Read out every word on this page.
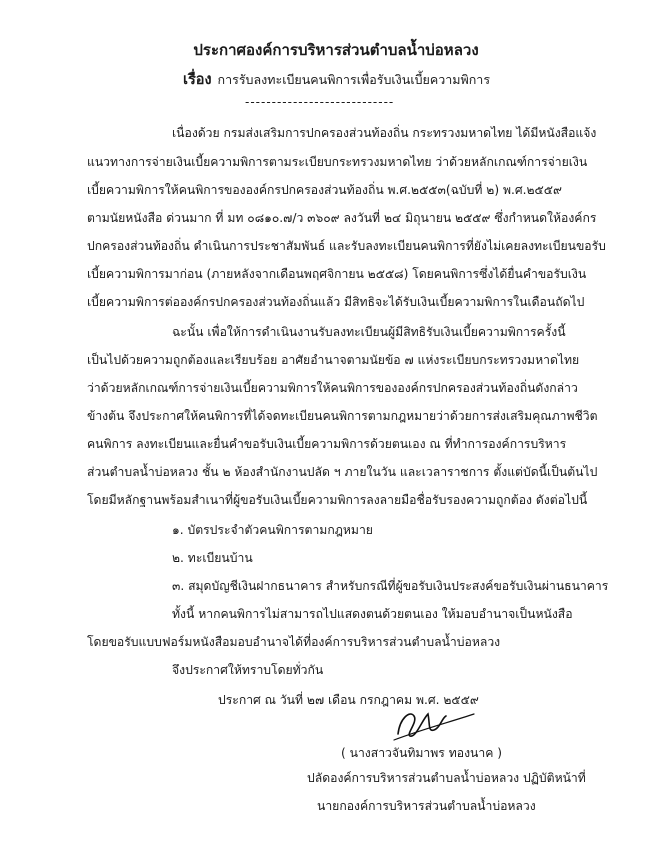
ประกาศองค์การบริหารส่วนตำบลน้ำบ่อหลวง
เรื่อง การรับลงทะเบียนคนพิการเพื่อรับเงินเบี้ยความพิการ
----------------------------
เนื่องด้วย กรมส่งเสริมการปกครองส่วนท้องถิ่น กระทรวงมหาดไทย ได้มีหนังสือแจ้ง
แนวทางการจ่ายเงินเบี้ยความพิการตามระเบียบกระทรวงมหาดไทย ว่าด้วยหลักเกณฑ์การจ่ายเงิน
เบี้ยความพิการให้คนพิการขององค์กรปกครองส่วนท้องถิ่น พ.ศ.๒๕๕๓(ฉบับที่ ๒) พ.ศ.๒๕๕๙
ตามนัยหนังสือ ด่วนมาก ที่ มท ๐๘๑๐.๗/ว ๓๖๐๙ ลงวันที่ ๒๔ มิถุนายน ๒๕๕๙ ซึ่งกำหนดให้องค์กร
ปกครองส่วนท้องถิ่น ดำเนินการประชาสัมพันธ์ และรับลงทะเบียนคนพิการที่ยังไม่เคยลงทะเบียนขอรับ
เบี้ยความพิการมาก่อน (ภายหลังจากเดือนพฤศจิกายน ๒๕๕๘) โดยคนพิการซึ่งได้ยื่นคำขอรับเงิน
เบี้ยความพิการต่อองค์กรปกครองส่วนท้องถิ่นแล้ว มีสิทธิจะได้รับเงินเบี้ยความพิการในเดือนถัดไป
ฉะนั้น เพื่อให้การดำเนินงานรับลงทะเบียนผู้มีสิทธิรับเงินเบี้ยความพิการครั้งนี้
เป็นไปด้วยความถูกต้องและเรียบร้อย อาศัยอำนาจตามนัยข้อ ๗ แห่งระเบียบกระทรวงมหาดไทย
ว่าด้วยหลักเกณฑ์การจ่ายเงินเบี้ยความพิการให้คนพิการขององค์กรปกครองส่วนท้องถิ่นดังกล่าว
ข้างต้น จึงประกาศให้คนพิการที่ได้จดทะเบียนคนพิการตามกฎหมายว่าด้วยการส่งเสริมคุณภาพชีวิต
คนพิการ ลงทะเบียนและยื่นคำขอรับเงินเบี้ยความพิการด้วยตนเอง ณ ที่ทำการองค์การบริหาร
ส่วนตำบลน้ำบ่อหลวง ชั้น ๒ ห้องสำนักงานปลัด ฯ ภายในวัน และเวลาราชการ ตั้งแต่บัดนี้เป็นต้นไป
โดยมีหลักฐานพร้อมสำเนาที่ผู้ขอรับเงินเบี้ยความพิการลงลายมือชื่อรับรองความถูกต้อง ดังต่อไปนี้
๑. บัตรประจำตัวคนพิการตามกฎหมาย
๒. ทะเบียนบ้าน
๓. สมุดบัญชีเงินฝากธนาคาร สำหรับกรณีที่ผู้ขอรับเงินประสงค์ขอรับเงินผ่านธนาคาร
ทั้งนี้ หากคนพิการไม่สามารถไปแสดงตนด้วยตนเอง ให้มอบอำนาจเป็นหนังสือ
โดยขอรับแบบฟอร์มหนังสือมอบอำนาจได้ที่องค์การบริหารส่วนตำบลน้ำบ่อหลวง
จึงประกาศให้ทราบโดยทั่วกัน
ประกาศ ณ วันที่ ๒๗ เดือน กรกฎาคม พ.ศ. ๒๕๕๙
( นางสาวจันทิมาพร ทองนาค )
ปลัดองค์การบริหารส่วนตำบลน้ำบ่อหลวง ปฏิบัติหน้าที่
นายกองค์การบริหารส่วนตำบลน้ำบ่อหลวง
